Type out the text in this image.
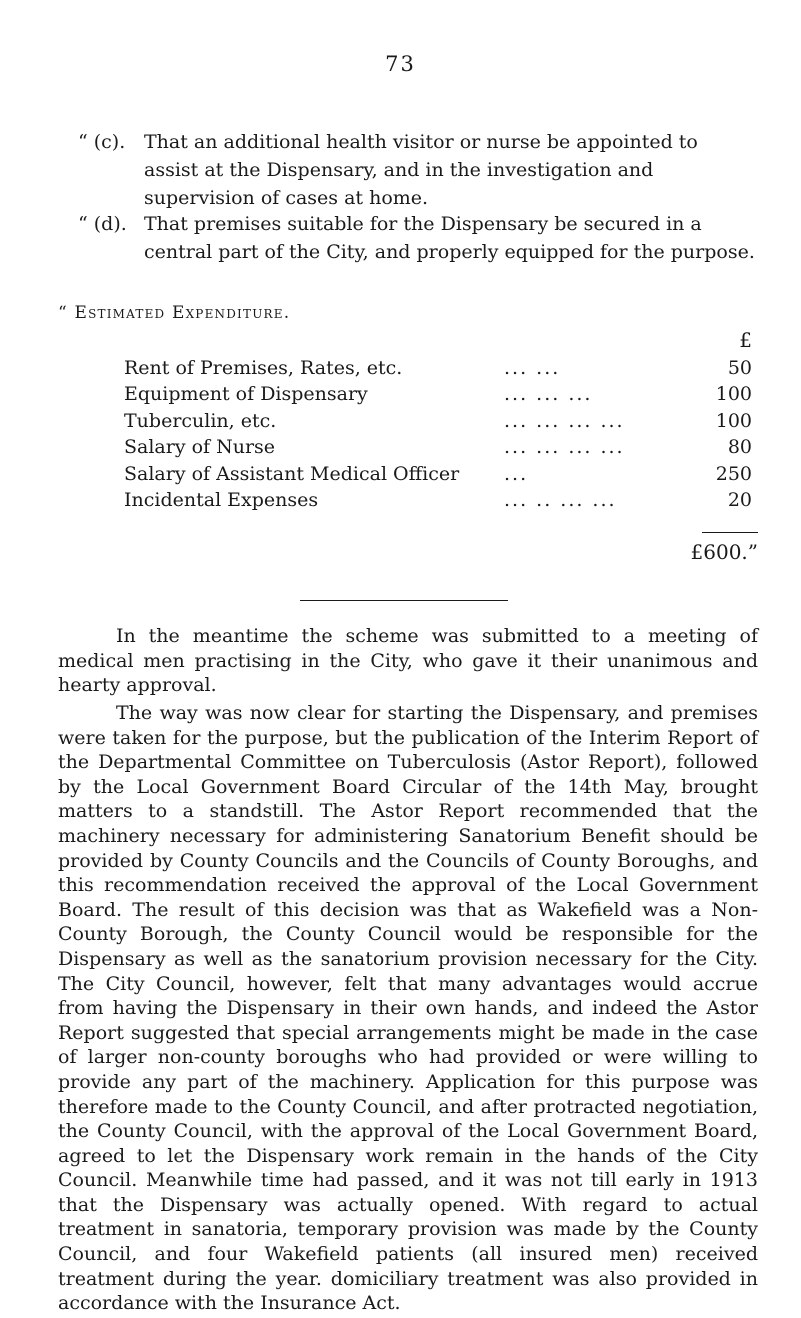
73
“ (c). That an additional health visitor or nurse be appointed to assist at the Dispensary, and in the investigation and supervision of cases at home.
“ (d). That premises suitable for the Dispensary be secured in a central part of the City, and properly equipped for the purpose.
“ Estimated Expenditure.
£
Rent of Premises, Rates, etc.	... ...	50
Equipment of Dispensary	... ... ...	100
Tuberculin, etc.	... ... ... ...	100
Salary of Nurse	... ... ... ...	80
Salary of Assistant Medical Officer ...	250
Incidental Expenses	... .. ... ...	20
£600.”

In the meantime the scheme was submitted to a meeting of medical men practising in the City, who gave it their unanimous and hearty approval.

The way was now clear for starting the Dispensary, and premises were taken for the purpose, but the publication of the Interim Report of the Departmental Committee on Tuberculosis (Astor Report), followed by the Local Government Board Circular of the 14th May, brought matters to a standstill. The Astor Report recommended that the machinery necessary for administering Sanatorium Benefit should be provided by County Councils and the Councils of County Boroughs, and this recommendation received the approval of the Local Government Board. The result of this decision was that as Wakefield was a Non-County Borough, the County Council would be responsible for the Dispensary as well as the sanatorium provision necessary for the City. The City Council, however, felt that many advantages would accrue from having the Dispensary in their own hands, and indeed the Astor Report suggested that special arrangements might be made in the case of larger non-county boroughs who had provided or were willing to provide any part of the machinery. Application for this purpose was therefore made to the County Council, and after protracted negotiation, the County Council, with the approval of the Local Government Board, agreed to let the Dispensary work remain in the hands of the City Council. Meanwhile time had passed, and it was not till early in 1913 that the Dispensary was actually opened. With regard to actual treatment in sanatoria, temporary provision was made by the County Council, and four Wakefield patients (all insured men) received treatment during the year. domiciliary treatment was also provided in accordance with the Insurance Act.
